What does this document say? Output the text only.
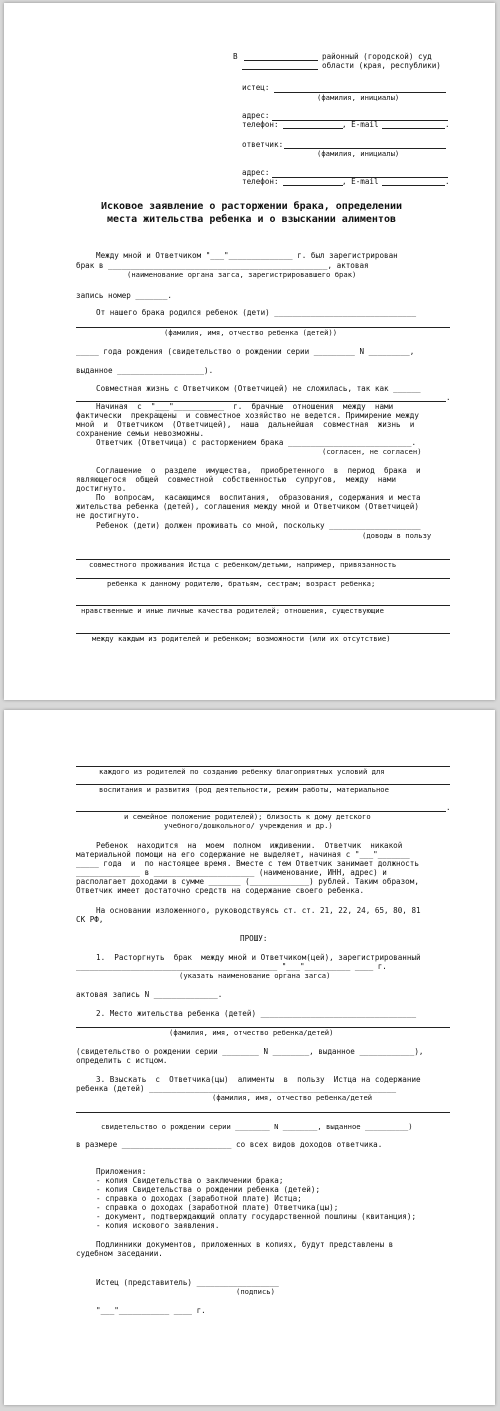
В	районный (городской) суд
области (края, республики)
истец:
(фамилия, инициалы)
адрес:
телефон:	, E-mail	.
ответчик:
(фамилия, инициалы)
адрес:
телефон:	, E-mail	.
Исковое заявление о расторжении брака, определении
места жительства ребенка и о взыскании алиментов
Между мной и Ответчиком "___"______________ г. был зарегистрирован
брак в ________________________________________________, актовая
(наименование органа загса, зарегистрировавшего брак)
запись номер _______.
От нашего брака родился ребенок (дети) _______________________________
(фамилия, имя, отчество ребенка (детей))
_____ года рождения (свидетельство о рождении серии _________ N _________,
выданное ___________________).
Совместная жизнь с Ответчиком (Ответчицей) не сложилась, так как ______
.
Начиная  с  "___"___________  г.  брачные  отношения  между  нами
фактически  прекращены  и совместное хозяйство не ведется. Примирение между
мной  и  Ответчиком  (Ответчицей),  наша  дальнейшая  совместная  жизнь  и
сохранение семьи невозможны.
Ответчик (Ответчица) с расторжением брака ___________________________.
(согласен, не согласен)
Соглашение  о  разделе  имущества,  приобретенного  в  период  брака  и
являющегося  общей  совместной  собственностью  супругов,  между  нами
достигнуто.
По  вопросам,  касающимся  воспитания,  образования, содержания и места
жительства ребенка (детей), соглашения между мной и Ответчиком (Ответчицей)
не достигнуто.
Ребенок (дети) должен проживать со мной, поскольку ____________________
(доводы в пользу
совместного проживания Истца с ребенком/детьми, например, привязанность
ребенка к данному родителю, братьям, сестрам; возраст ребенка;
нравственные и иные личные качества родителей; отношения, существующие
между каждым из родителей и ребенком; возможности (или их отсутствие)
каждого из родителей по созданию ребенку благоприятных условий для
воспитания и развития (род деятельности, режим работы, материальное
.
и семейное положение родителей); близость к дому детского
учебного/дошкольного/ учреждения и др.)
Ребенок  находится  на  моем  полном  иждивении.  Ответчик  никакой
материальной помощи на его содержание не выделяет, начиная с "___"_______
_____ года  и  по настоящее время. Вместе с тем Ответчик занимает должность
______________ в ______________________ (наименование, ИНН, адрес) и
располагает доходами в сумме _______ (_____________) рублей. Таким образом,
Ответчик имеет достаточно средств на содержание своего ребенка.
На основании изложенного, руководствуясь ст. ст. 21, 22, 24, 65, 80, 81
СК РФ,
ПРОШУ:
1.  Расторгнуть  брак  между мной и Ответчиком(цей), зарегистрированный
____________________________________________ "___"__________ ____ г.
(указать наименование органа загса)
актовая запись N ______________.
2. Место жительства ребенка (детей) __________________________________
(фамилия, имя, отчество ребенка/детей)
(свидетельство о рождении серии ________ N ________, выданное ____________),
определить с истцом.
3. Взыскать  с  Ответчика(цы)  алименты  в  пользу  Истца на содержание
ребенка (детей) ______________________________________________________
(фамилия, имя, отчество ребенка/детей
свидетельство о рождении серии ________ N ________, выданное __________)
в размере ________________________ со всех видов доходов ответчика.
Приложения:
- копия Свидетельства о заключении брака;
- копия Свидетельства о рождении ребенка (детей);
- справка о доходах (заработной плате) Истца;
- справка о доходах (заработной плате) Ответчика(цы);
- документ, подтверждающий оплату государственной пошлины (квитанция);
- копия искового заявления.
Подлинники документов, приложенных в копиях, будут представлены в
судебном заседании.
Истец (представитель) __________________
(подпись)
"___"___________ ____ г.
